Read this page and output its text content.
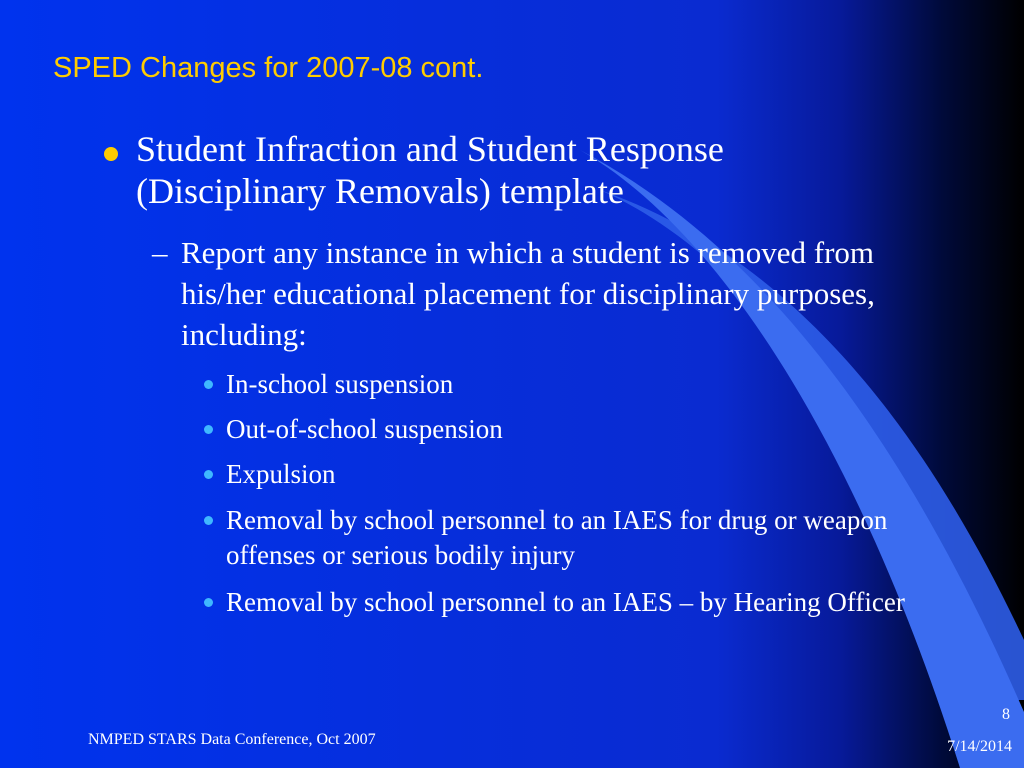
SPED Changes for 2007-08 cont.
Student Infraction and Student Response (Disciplinary Removals) template
– Report any instance in which a student is removed from his/her educational placement for disciplinary purposes, including:
In-school suspension
Out-of-school suspension
Expulsion
Removal by school personnel to an IAES for drug or weapon offenses or serious bodily injury
Removal by school personnel to an IAES – by Hearing Officer
NMPED STARS Data Conference, Oct 2007
8
7/14/2014
